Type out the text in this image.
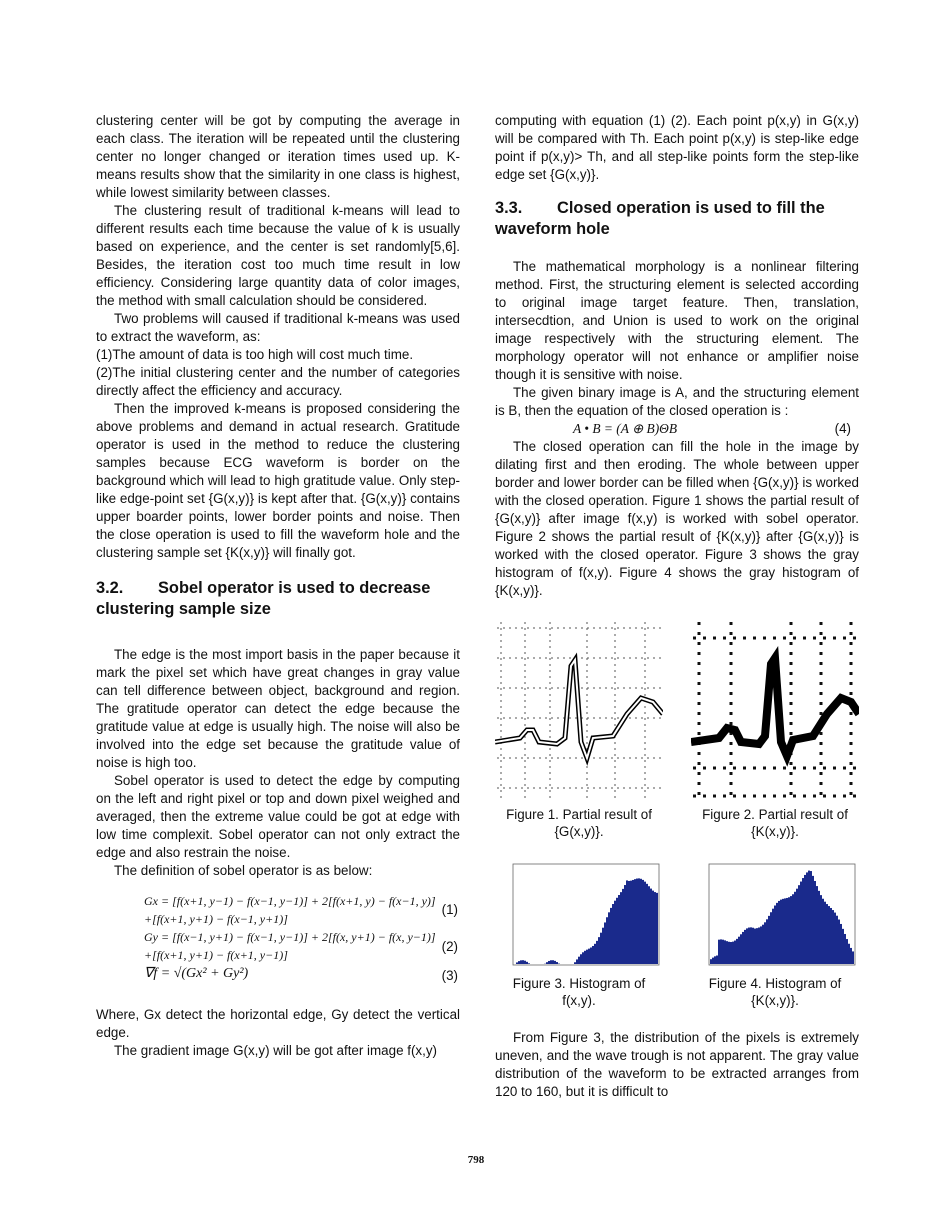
clustering center will be got by computing the average in each class. The iteration will be repeated until the clustering center no longer changed or iteration times used up. K-means results show that the similarity in one class is highest, while lowest similarity between classes.

The clustering result of traditional k-means will lead to different results each time because the value of k is usually based on experience, and the center is set randomly[5,6]. Besides, the iteration cost too much time result in low efficiency. Considering large quantity data of color images, the method with small calculation should be considered.

Two problems will caused if traditional k-means was used to extract the waveform, as:

(1)The amount of data is too high will cost much time.

(2)The initial clustering center and the number of categories directly affect the efficiency and accuracy.

Then the improved k-means is proposed considering the above problems and demand in actual research. Gratitude operator is used in the method to reduce the clustering samples because ECG waveform is border on the background which will lead to high gratitude value. Only step-like edge-point set {G(x,y)} is kept after that. {G(x,y)} contains upper boarder points, lower border points and noise. Then the close operation is used to fill the waveform hole and the clustering sample set {K(x,y)} will finally got.

3.2. Sobel operator is used to decrease clustering sample size

The edge is the most import basis in the paper because it mark the pixel set which have great changes in gray value can tell difference between object, background and region. The gratitude operator can detect the edge because the gratitude value at edge is usually high. The noise will also be involved into the edge set because the gratitude value of noise is high too.

Sobel operator is used to detect the edge by computing on the left and right pixel or top and down pixel weighed and averaged, then the extreme value could be got at edge with low time complexit. Sobel operator can not only extract the edge and also restrain the noise.

The definition of sobel operator is as below:

Gx = [f(x+1, y−1) − f(x−1, y−1)] + 2[f(x+1, y) − f(x−1, y)]
+[f(x+1, y+1) − f(x−1, y+1)]
(1)
Gy = [f(x−1, y+1) − f(x−1, y−1)] + 2[f(x, y+1) − f(x, y−1)]
+[f(x+1, y+1) − f(x+1, y−1)]
(2)
∇f = √(Gx² + Gy²)	(3)

Where, Gx detect the horizontal edge, Gy detect the vertical edge.

The gradient image G(x,y) will be got after image f(x,y)

computing with equation (1) (2). Each point p(x,y) in G(x,y) will be compared with Th. Each point p(x,y) is step-like edge point if p(x,y)> Th, and all step-like points form the step-like edge set {G(x,y)}.

3.3. Closed operation is used to fill the waveform hole

The mathematical morphology is a nonlinear filtering method. First, the structuring element is selected according to original image target feature. Then, translation, intersecdtion, and Union is used to work on the original image respectively with the structuring element. The morphology operator will not enhance or amplifier noise though it is sensitive with noise.

The given binary image is A, and the structuring element is B, then the equation of the closed operation is :

A • B = (A ⊕ B)ΘB	(4)

The closed operation can fill the hole in the image by dilating first and then eroding. The whole between upper border and lower border can be filled when {G(x,y)} is worked with the closed operation. Figure 1 shows the partial result of {G(x,y)} after image f(x,y) is worked with sobel operator. Figure 2 shows the partial result of {K(x,y)} after {G(x,y)} is worked with the closed operator. Figure 3 shows the gray histogram of f(x,y). Figure 4 shows the gray histogram of {K(x,y)}.

Figure 1. Partial result of {G(x,y)}.
Figure 2. Partial result of {K(x,y)}.
Figure 3. Histogram of f(x,y).
Figure 4. Histogram of {K(x,y)}.

From Figure 3, the distribution of the pixels is extremely uneven, and the wave trough is not apparent. The gray value distribution of the waveform to be extracted arranges from 120 to 160, but it is difficult to

798
